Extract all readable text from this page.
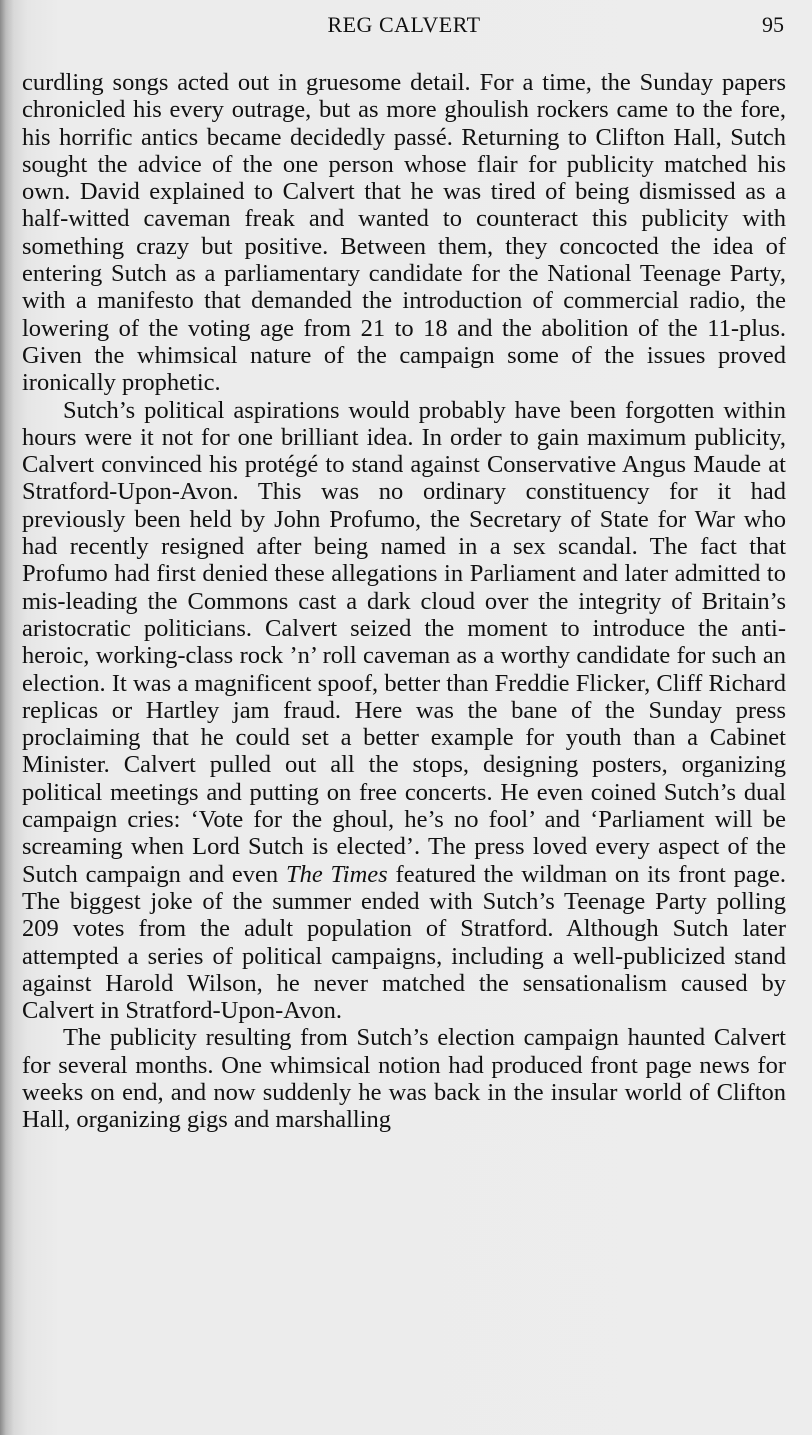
REG CALVERT	95

curdling songs acted out in gruesome detail. For a time, the Sunday papers chronicled his every outrage, but as more ghoulish rockers came to the fore, his horrific antics became decidedly passé. Returning to Clifton Hall, Sutch sought the advice of the one person whose flair for publicity matched his own. David explained to Calvert that he was tired of being dismissed as a half-witted caveman freak and wanted to counteract this publicity with something crazy but positive. Between them, they concocted the idea of entering Sutch as a parliamentary candidate for the National Teenage Party, with a manifesto that demanded the introduction of commercial radio, the lowering of the voting age from 21 to 18 and the abolition of the 11-plus. Given the whimsical nature of the campaign some of the issues proved ironically prophetic.

Sutch’s political aspirations would probably have been forgotten within hours were it not for one brilliant idea. In order to gain maximum publicity, Calvert convinced his protégé to stand against Conservative Angus Maude at Stratford-Upon-Avon. This was no ordinary constituency for it had previously been held by John Profumo, the Secretary of State for War who had recently resigned after being named in a sex scandal. The fact that Profumo had first denied these allegations in Parliament and later admitted to mis-leading the Commons cast a dark cloud over the integrity of Britain’s aristocratic politicians. Calvert seized the moment to introduce the anti-heroic, working-class rock ’n’ roll caveman as a worthy candidate for such an election. It was a magnificent spoof, better than Freddie Flicker, Cliff Richard replicas or Hartley jam fraud. Here was the bane of the Sunday press proclaiming that he could set a better example for youth than a Cabinet Minister. Calvert pulled out all the stops, designing posters, organizing political meetings and putting on free concerts. He even coined Sutch’s dual campaign cries: ‘Vote for the ghoul, he’s no fool’ and ‘Parliament will be screaming when Lord Sutch is elected’. The press loved every aspect of the Sutch campaign and even The Times featured the wildman on its front page. The biggest joke of the summer ended with Sutch’s Teenage Party polling 209 votes from the adult population of Stratford. Although Sutch later attempted a series of political campaigns, including a well-publicized stand against Harold Wilson, he never matched the sensationalism caused by Calvert in Stratford-Upon-Avon.

The publicity resulting from Sutch’s election campaign haunted Calvert for several months. One whimsical notion had produced front page news for weeks on end, and now suddenly he was back in the insular world of Clifton Hall, organizing gigs and marshalling
